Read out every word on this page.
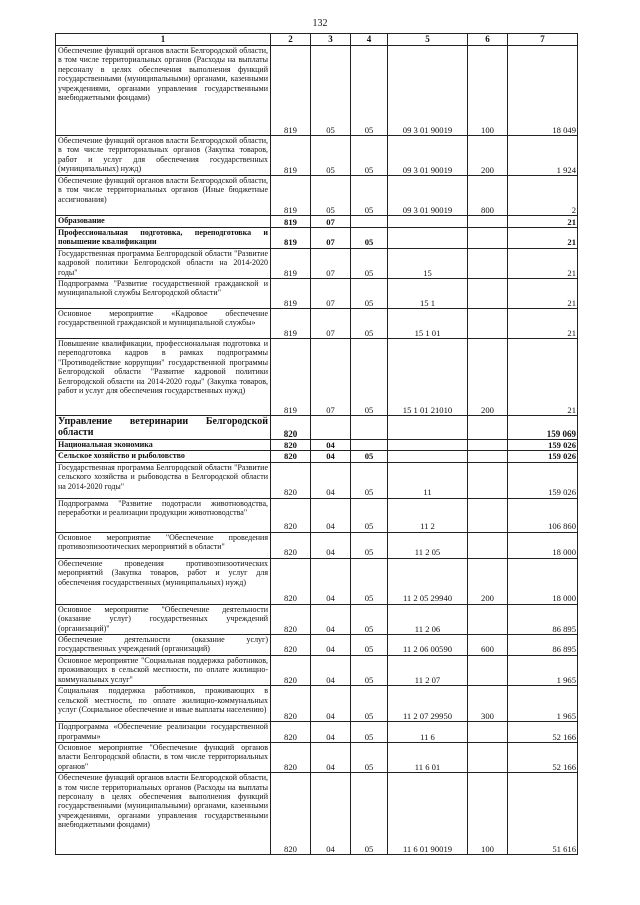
132
1	2	3	4	5	6	7
Обеспечение функций органов власти Белгородской области, в том числе территориальных органов (Расходы на выплаты персоналу в целях обеспечения выполнения функций государственными (муниципальными) органами, казенными учреждениями, органами управления государственными внебюджетными фондами)	819	05	05	09 3 01 90019	100	18 049
Обеспечение функций органов власти Белгородской области, в том числе территориальных органов (Закупка товаров, работ и услуг для обеспечения государственных (муниципальных) нужд)	819	05	05	09 3 01 90019	200	1 924
Обеспечение функций органов власти Белгородской области, в том числе территориальных органов (Иные бюджетные ассигнования)	819	05	05	09 3 01 90019	800	2
Образование	819	07				21
Профессиональная подготовка, переподготовка и повышение квалификации	819	07	05			21
Государственная программа Белгородской области "Развитие кадровой политики Белгородской области на 2014-2020 годы"	819	07	05	15		21
Подпрограмма "Развитие государственной гражданской и муниципальной службы Белгородской области"	819	07	05	15 1		21
Основное мероприятие «Кадровое обеспечение государственной гражданской и муниципальной службы»	819	07	05	15 1 01		21
Повышение квалификации, профессиональная подготовка и переподготовка кадров в рамках подпрограммы "Противодействие коррупции" государственной программы Белгородской области "Развитие кадровой политики Белгородской области на 2014-2020 годы" (Закупка товаров, работ и услуг для обеспечения государственных нужд)	819	07	05	15 1 01 21010	200	21
Управление ветеринарии Белгородской области	820					159 069
Национальная экономика	820	04				159 026
Сельское хозяйство и рыболовство	820	04	05			159 026
Государственная программа Белгородской области "Развитие сельского хозяйства и рыбоводства в Белгородской области на 2014-2020 годы"	820	04	05	11		159 026
Подпрограмма "Развитие подотрасли животноводства, переработки и реализации продукции животноводства"	820	04	05	11 2		106 860
Основное мероприятие "Обеспечение проведения противоэпизоотических мероприятий в области"	820	04	05	11 2 05		18 000
Обеспечение проведения противоэпизоотических мероприятий (Закупка товаров, работ и услуг для обеспечения государственных (муниципальных) нужд)	820	04	05	11 2 05 29940	200	18 000
Основное мероприятие "Обеспечение деятельности (оказание услуг) государственных учреждений (организаций)"	820	04	05	11 2 06		86 895
Обеспечение деятельности (оказание услуг) государственных учреждений (организаций)	820	04	05	11 2 06 00590	600	86 895
Основное мероприятие "Социальная поддержка работников, проживающих в сельской местности, по оплате жилищно-коммунальных услуг"	820	04	05	11 2 07		1 965
Социальная поддержка работников, проживающих в сельской местности, по оплате жилищно-коммунальных услуг (Социальное обеспечение и иные выплаты населению)	820	04	05	11 2 07 29950	300	1 965
Подпрограмма «Обеспечение реализации государственной программы»	820	04	05	11 6		52 166
Основное мероприятие "Обеспечение функций органов власти Белгородской области, в том числе территориальных органов"	820	04	05	11 6 01		52 166
Обеспечение функций органов власти Белгородской области, в том числе территориальных органов (Расходы на выплаты персоналу в целях обеспечения выполнения функций государственными (муниципальными) органами, казенными учреждениями, органами управления государственными внебюджетными фондами)	820	04	05	11 6 01 90019	100	51 616
